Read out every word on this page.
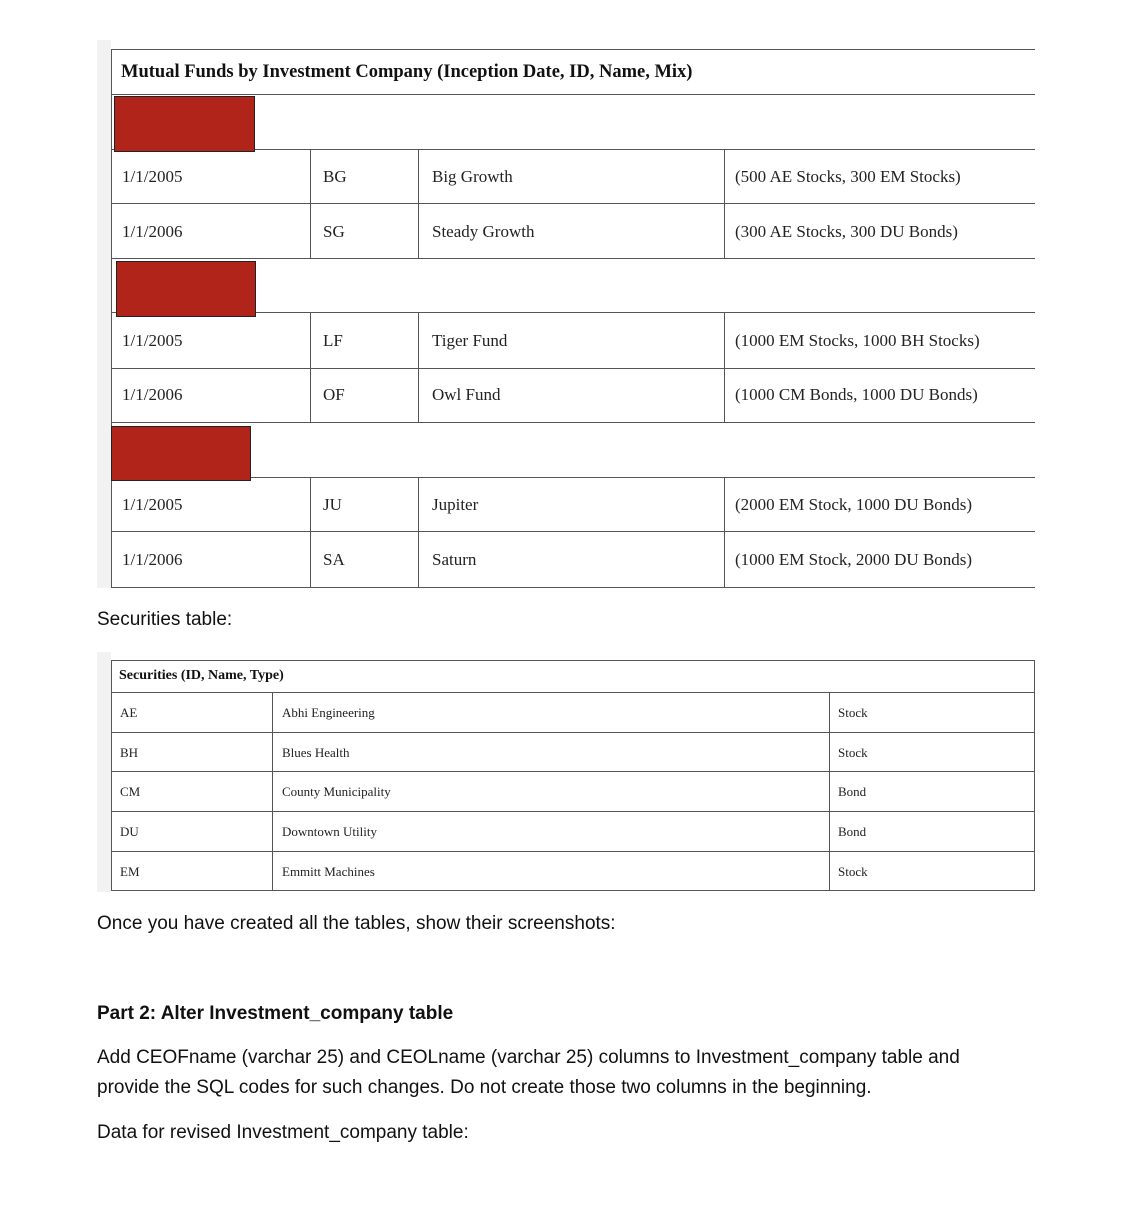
Mutual Funds by Investment Company (Inception Date, ID, Name, Mix)
1/1/2005	BG	Big Growth	(500 AE Stocks, 300 EM Stocks)
1/1/2006	SG	Steady Growth	(300 AE Stocks, 300 DU Bonds)
1/1/2005	LF	Tiger Fund	(1000 EM Stocks, 1000 BH Stocks)
1/1/2006	OF	Owl Fund	(1000 CM Bonds, 1000 DU Bonds)
1/1/2005	JU	Jupiter	(2000 EM Stock, 1000 DU Bonds)
1/1/2006	SA	Saturn	(1000 EM Stock, 2000 DU Bonds)
Securities table:
Securities (ID, Name, Type)
AE	Abhi Engineering	Stock
BH	Blues Health	Stock
CM	County Municipality	Bond
DU	Downtown Utility	Bond
EM	Emmitt Machines	Stock
Once you have created all the tables, show their screenshots:
Part 2: Alter Investment_company table
Add CEOFname (varchar 25) and CEOLname (varchar 25) columns to Investment_company table and
provide the SQL codes for such changes. Do not create those two columns in the beginning.
Data for revised Investment_company table:
